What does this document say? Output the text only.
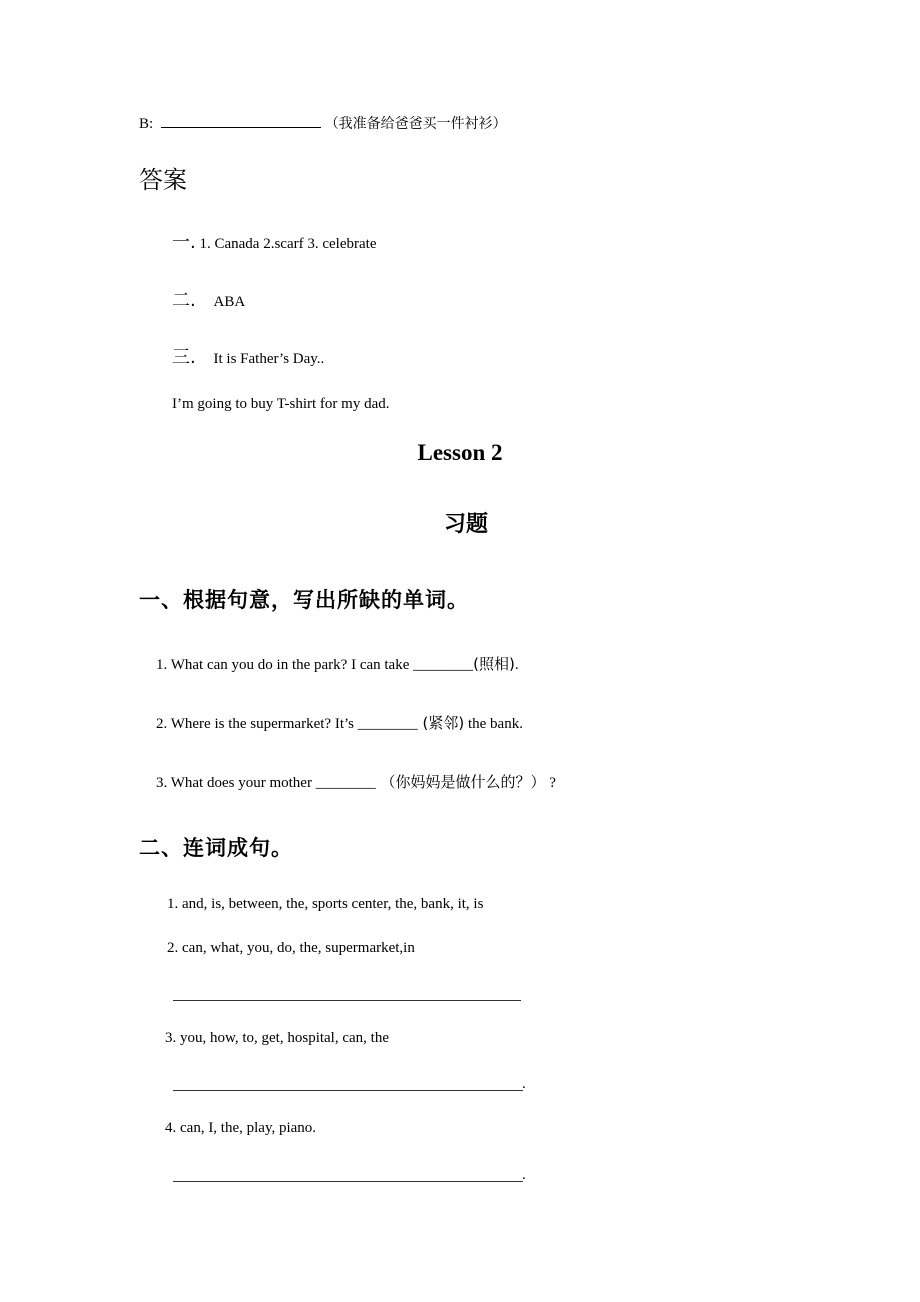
B:	（我准备给爸爸买一件衬衫）
答案
一. 1. Canada 2.scarf 3. celebrate
二. ABA
三. It is Father’s Day..
I’m going to buy T-shirt for my dad.
Lesson 2
习题
一、根据句意，写出所缺的单词。
1. What can you do in the park? I can take ________(照相).
2. Where is the supermarket? It’s ________ (紧邻) the bank.
3. What does your mother ________ （你妈妈是做什么的？） ?
二、连词成句。
1. and, is, between, the, sports center, the, bank, it, is
2. can, what, you, do, the, supermarket,in
3. you, how, to, get, hospital, can, the
.
4. can, I, the, play, piano.
.
